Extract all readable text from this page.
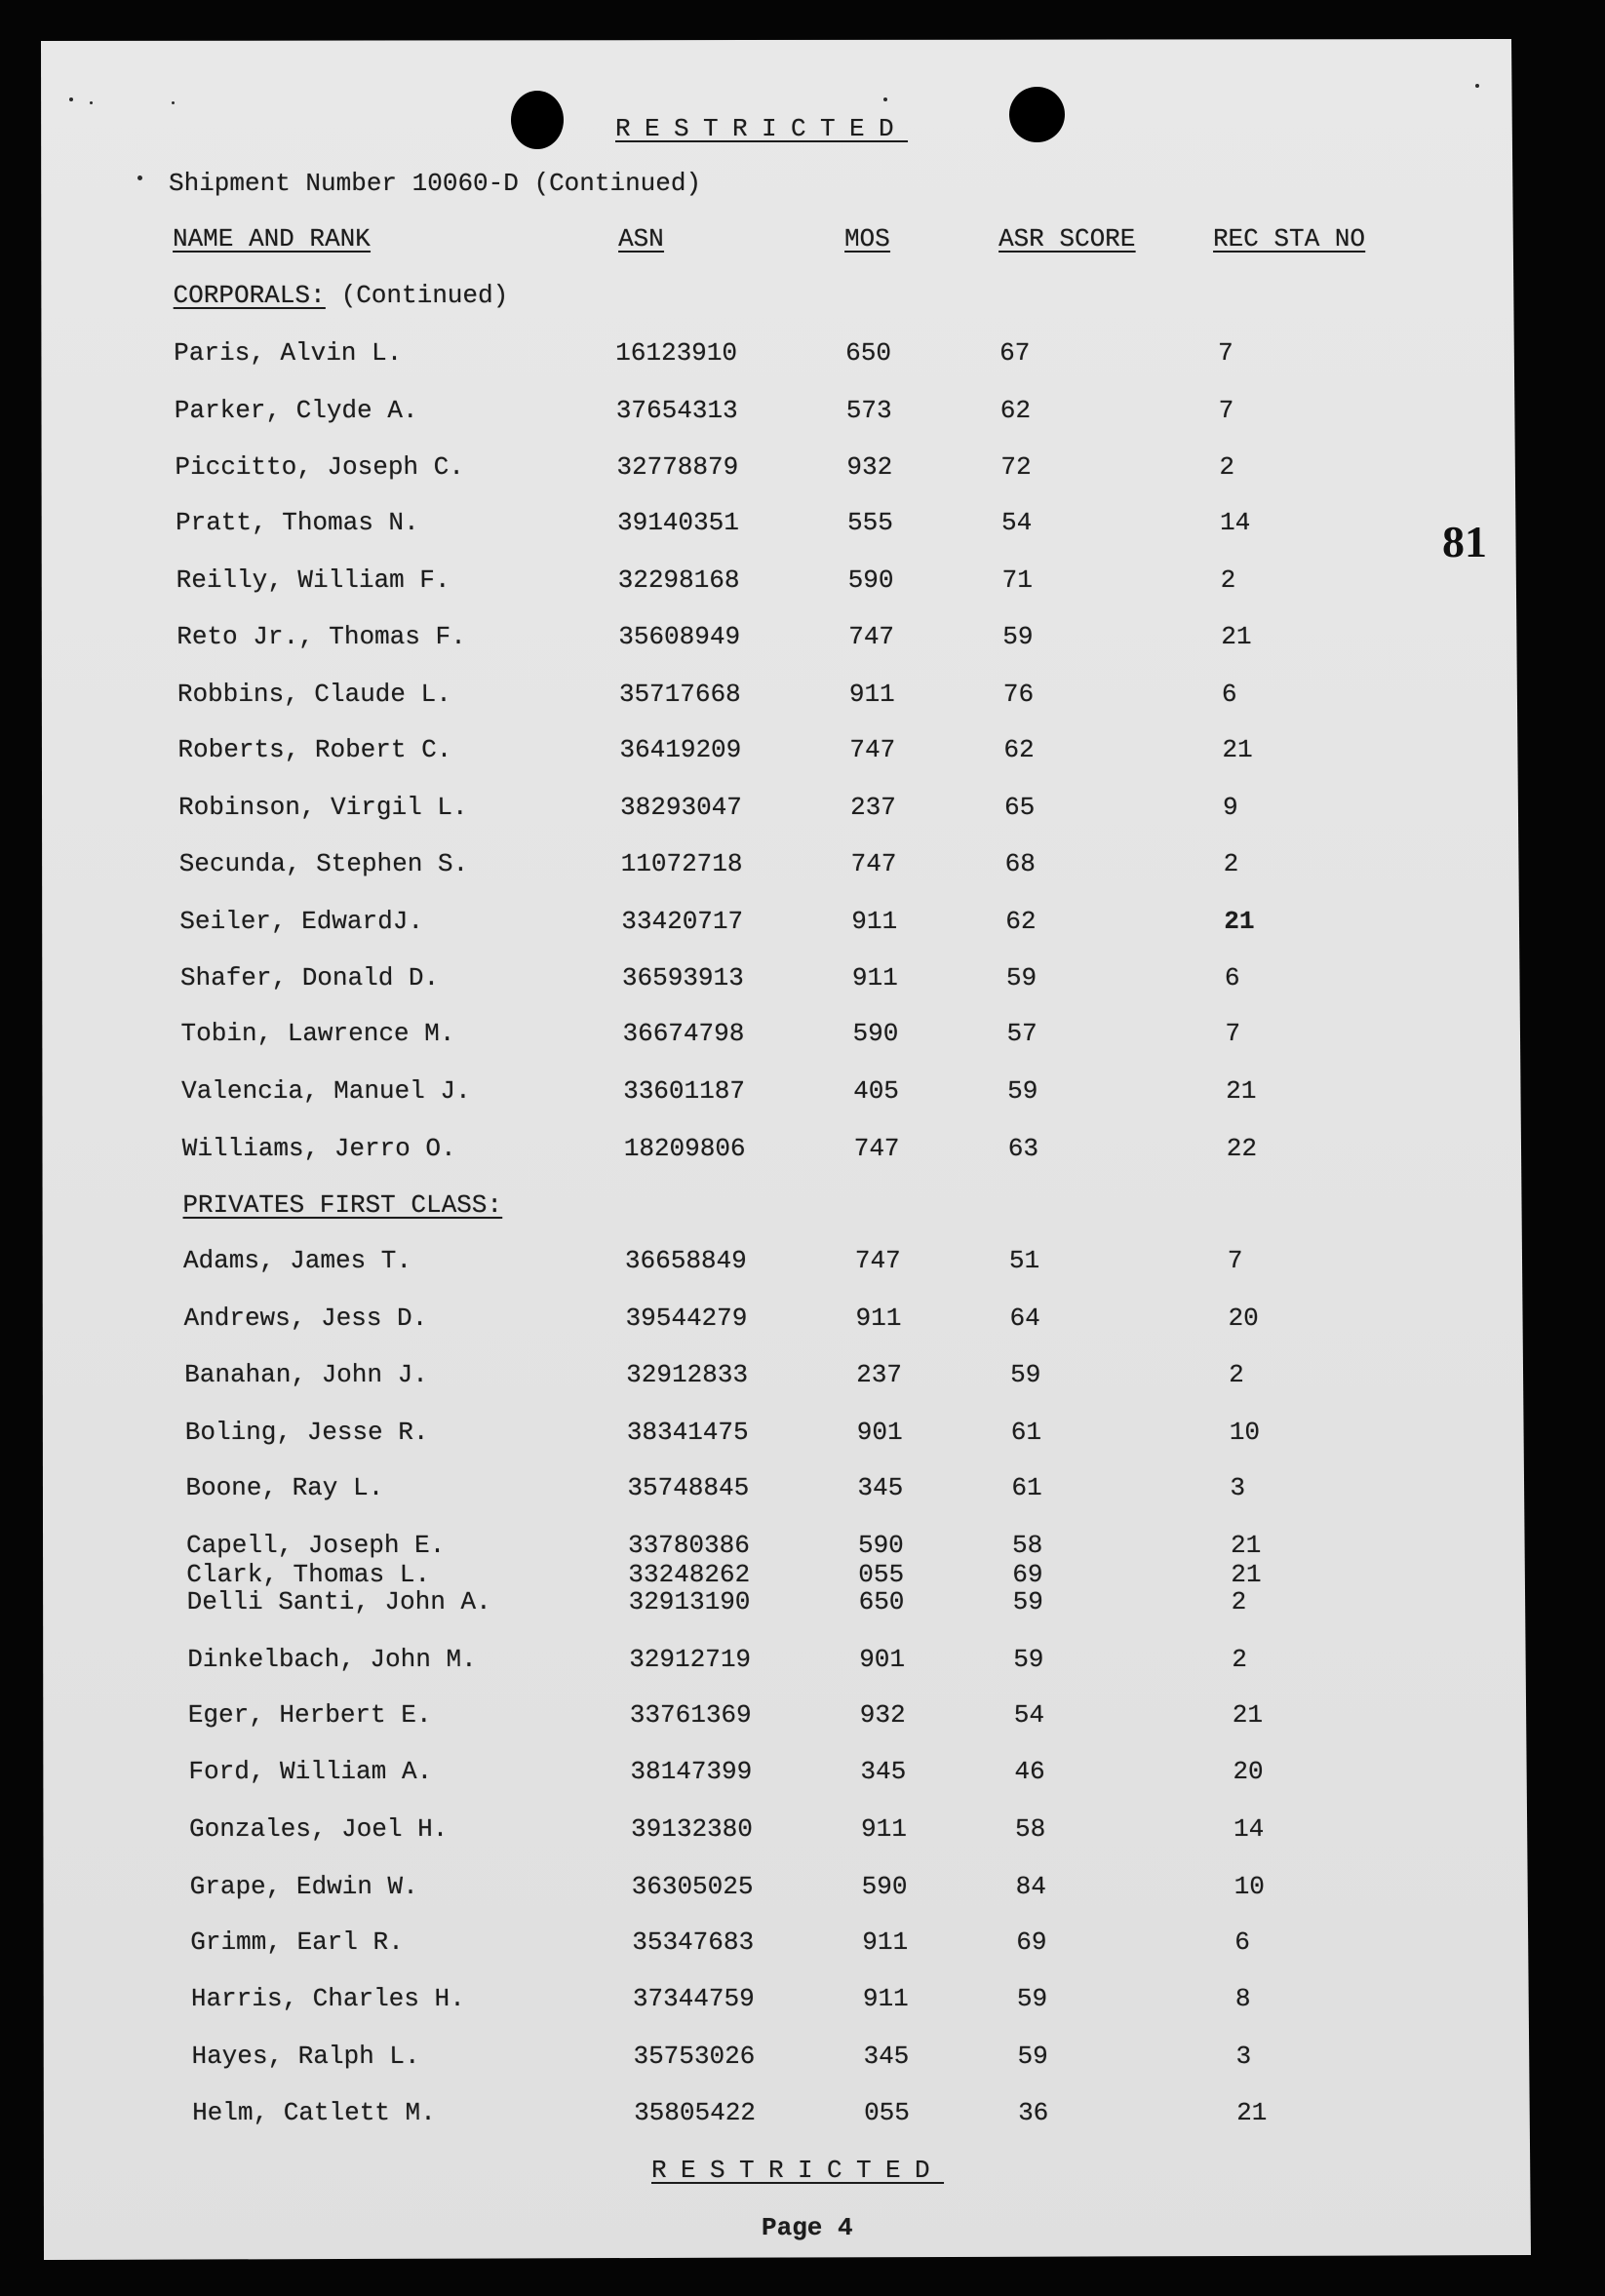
RESTRICTED
Shipment Number 10060-D (Continued)
81
NAME AND RANK	ASN	MOS	ASR SCORE	REC STA NO
CORPORALS: (Continued)
Paris, Alvin L.	16123910	650	67	7
Parker, Clyde A.	37654313	573	62	7
Piccitto, Joseph C.	32778879	932	72	2
Pratt, Thomas N.	39140351	555	54	14
Reilly, William F.	32298168	590	71	2
Reto Jr., Thomas F.	35608949	747	59	21
Robbins, Claude L.	35717668	911	76	6
Roberts, Robert C.	36419209	747	62	21
Robinson, Virgil L.	38293047	237	65	9
Secunda, Stephen S.	11072718	747	68	2
Seiler, EdwardJ.	33420717	911	62	21
Shafer, Donald D.	36593913	911	59	6
Tobin, Lawrence M.	36674798	590	57	7
Valencia, Manuel J.	33601187	405	59	21
Williams, Jerro O.	18209806	747	63	22
PRIVATES FIRST CLASS:
Adams, James T.	36658849	747	51	7
Andrews, Jess D.	39544279	911	64	20
Banahan, John J.	32912833	237	59	2
Boling, Jesse R.	38341475	901	61	10
Boone, Ray L.	35748845	345	61	3
Capell, Joseph E.	33780386	590	58	21
Clark, Thomas L.	33248262	055	69	21
Delli Santi, John A.	32913190	650	59	2
Dinkelbach, John M.	32912719	901	59	2
Eger, Herbert E.	33761369	932	54	21
Ford, William A.	38147399	345	46	20
Gonzales, Joel H.	39132380	911	58	14
Grape, Edwin W.	36305025	590	84	10
Grimm, Earl R.	35347683	911	69	6
Harris, Charles H.	37344759	911	59	8
Hayes, Ralph L.	35753026	345	59	3
Helm, Catlett M.	35805422	055	36	21
RESTRICTED
Page 4
